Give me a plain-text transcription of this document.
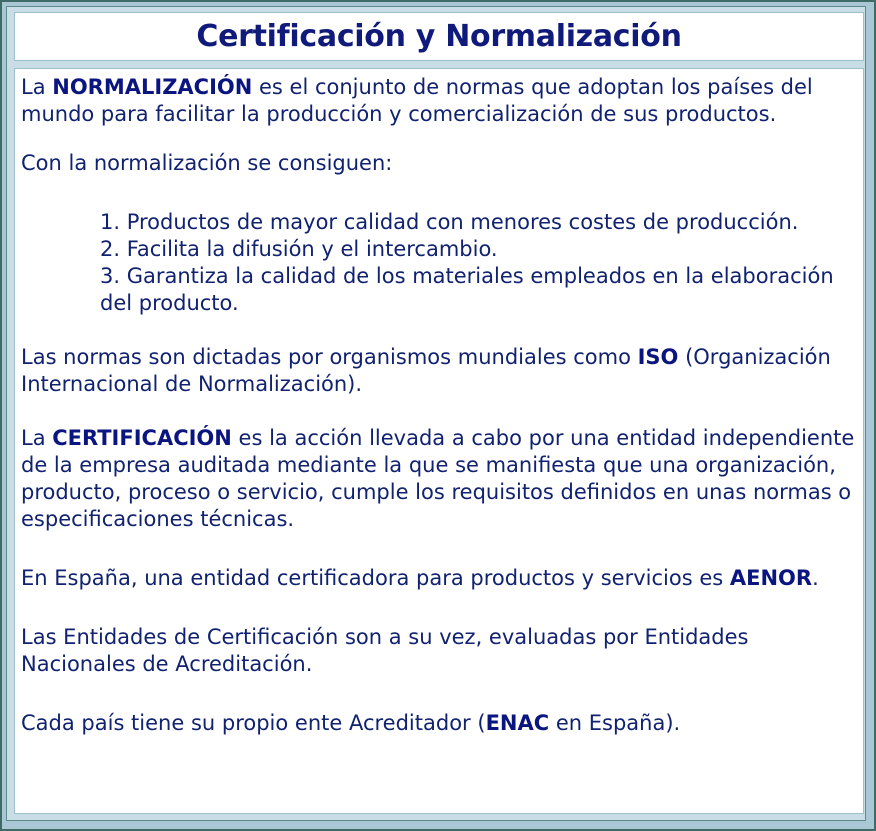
Certificación y Normalización

La NORMALIZACIÓN es el conjunto de normas que adoptan los países del mundo para facilitar la producción y comercialización de sus productos.

Con la normalización se consiguen:

1. Productos de mayor calidad con menores costes de producción.
2. Facilita la difusión y el intercambio.
3. Garantiza la calidad de los materiales empleados en la elaboración del producto.

Las normas son dictadas por organismos mundiales como ISO (Organización Internacional de Normalización).

La CERTIFICACIÓN es la acción llevada a cabo por una entidad independiente de la empresa auditada mediante la que se manifiesta que una organización, producto, proceso o servicio, cumple los requisitos definidos en unas normas o especificaciones técnicas.

En España, una entidad certificadora para productos y servicios es AENOR.

Las Entidades de Certificación son a su vez, evaluadas por Entidades Nacionales de Acreditación.

Cada país tiene su propio ente Acreditador (ENAC en España).
